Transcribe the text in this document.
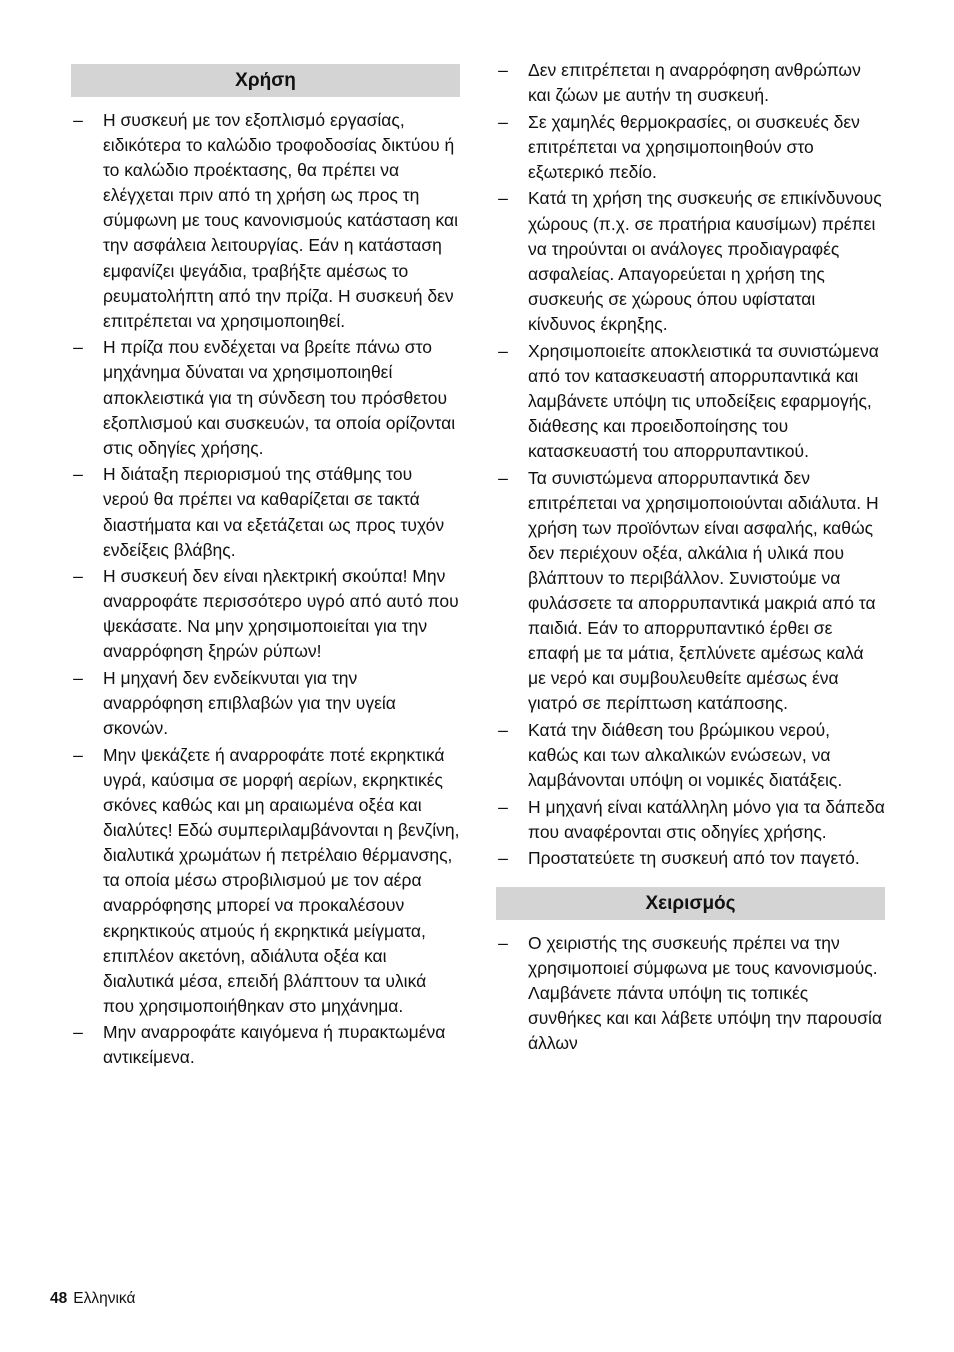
Χρήση
– Η συσκευή με τον εξοπλισμό εργασίας, ειδικότερα το καλώδιο τροφοδοσίας δικτύου ή το καλώδιο προέκτασης, θα πρέπει να ελέγχεται πριν από τη χρήση ως προς τη σύμφωνη με τους κανονισμούς κατάσταση και την ασφάλεια λειτουργίας. Εάν η κατάσταση εμφανίζει ψεγάδια, τραβήξτε αμέσως το ρευματολήπτη από την πρίζα. Η συσκευή δεν επιτρέπεται να χρησιμοποιηθεί.
– Η πρίζα που ενδέχεται να βρείτε πάνω στο μηχάνημα δύναται να χρησιμοποιηθεί αποκλειστικά για τη σύνδεση του πρόσθετου εξοπλισμού και συσκευών, τα οποία ορίζονται στις οδηγίες χρήσης.
– Η διάταξη περιορισμού της στάθμης του νερού θα πρέπει να καθαρίζεται σε τακτά διαστήματα και να εξετάζεται ως προς τυχόν ενδείξεις βλάβης.
– Η συσκευή δεν είναι ηλεκτρική σκούπα! Μην αναρροφάτε περισσότερο υγρό από αυτό που ψεκάσατε. Να μην χρησιμοποιείται για την αναρρόφηση ξηρών ρύπων!
– Η μηχανή δεν ενδείκνυται για την αναρρόφηση επιβλαβών για την υγεία σκονών.
– Μην ψεκάζετε ή αναρροφάτε ποτέ εκρηκτικά υγρά, καύσιμα σε μορφή αερίων, εκρηκτικές σκόνες καθώς και μη αραιωμένα οξέα και διαλύτες! Εδώ συμπεριλαμβάνονται η βενζίνη, διαλυτικά χρωμάτων ή πετρέλαιο θέρμανσης, τα οποία μέσω στροβιλισμού με τον αέρα αναρρόφησης μπορεί να προκαλέσουν εκρηκτικούς ατμούς ή εκρηκτικά μείγματα, επιπλέον ακετόνη, αδιάλυτα οξέα και διαλυτικά μέσα, επειδή βλάπτουν τα υλικά που χρησιμοποιήθηκαν στο μηχάνημα.
– Μην αναρροφάτε καιγόμενα ή πυρακτωμένα αντικείμενα.
– Δεν επιτρέπεται η αναρρόφηση ανθρώπων και ζώων με αυτήν τη συσκευή.
– Σε χαμηλές θερμοκρασίες, οι συσκευές δεν επιτρέπεται να χρησιμοποιηθούν στο εξωτερικό πεδίο.
– Κατά τη χρήση της συσκευής σε επικίνδυνους χώρους (π.χ. σε πρατήρια καυσίμων) πρέπει να τηρούνται οι ανάλογες προδιαγραφές ασφαλείας. Απαγορεύεται η χρήση της συσκευής σε χώρους όπου υφίσταται κίνδυνος έκρηξης.
– Χρησιμοποιείτε αποκλειστικά τα συνιστώμενα από τον κατασκευαστή απορρυπαντικά και λαμβάνετε υπόψη τις υποδείξεις εφαρμογής, διάθεσης και προειδοποίησης του κατασκευαστή του απορρυπαντικού.
– Τα συνιστώμενα απορρυπαντικά δεν επιτρέπεται να χρησιμοποιούνται αδιάλυτα. Η χρήση των προϊόντων είναι ασφαλής, καθώς δεν περιέχουν οξέα, αλκάλια ή υλικά που βλάπτουν το περιβάλλον. Συνιστούμε να φυλάσσετε τα απορρυπαντικά μακριά από τα παιδιά. Εάν το απορρυπαντικό έρθει σε επαφή με τα μάτια, ξεπλύνετε αμέσως καλά με νερό και συμβουλευθείτε αμέσως ένα γιατρό σε περίπτωση κατάποσης.
– Κατά την διάθεση του βρώμικου νερού, καθώς και των αλκαλικών ενώσεων, να λαμβάνονται υπόψη οι νομικές διατάξεις.
– Η μηχανή είναι κατάλληλη μόνο για τα δάπεδα που αναφέρονται στις οδηγίες χρήσης.
– Προστατεύετε τη συσκευή από τον παγετό.
Χειρισμός
– Ο χειριστής της συσκευής πρέπει να την χρησιμοποιεί σύμφωνα με τους κανονισμούς. Λαμβάνετε πάντα υπόψη τις τοπικές συνθήκες και και λάβετε υπόψη την παρουσία άλλων
48 Ελληνικά
